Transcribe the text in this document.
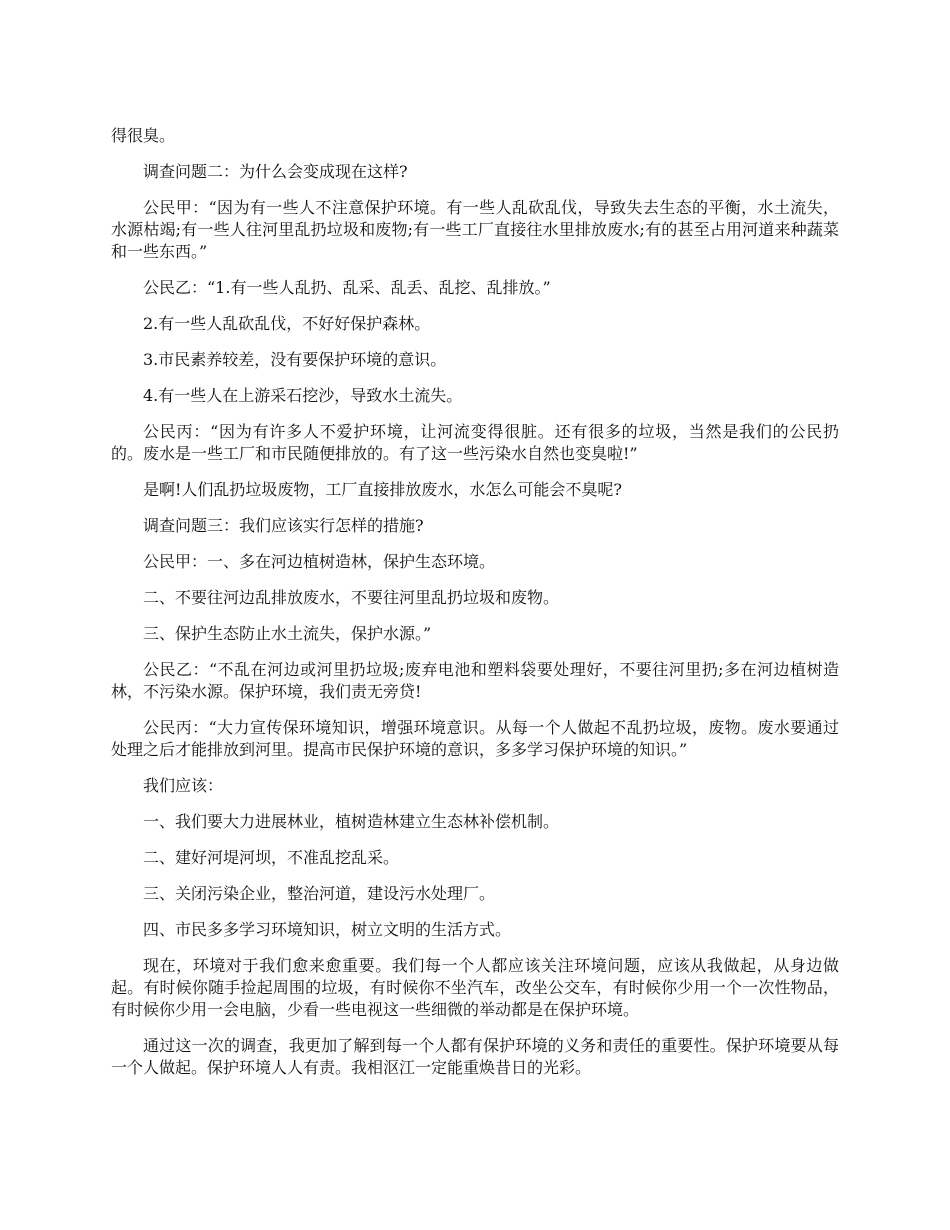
得很臭。

调查问题二：为什么会变成现在这样?

公民甲：“因为有一些人不注意保护环境。有一些人乱砍乱伐，导致失去生态的平衡，水土流失，水源枯竭;有一些人往河里乱扔垃圾和废物;有一些工厂直接往水里排放废水;有的甚至占用河道来种蔬菜和一些东西。”

公民乙：“1.有一些人乱扔、乱采、乱丢、乱挖、乱排放。”

2.有一些人乱砍乱伐，不好好保护森林。

3.市民素养较差，没有要保护环境的意识。

4.有一些人在上游采石挖沙，导致水土流失。

公民丙：“因为有许多人不爱护环境，让河流变得很脏。还有很多的垃圾，当然是我们的公民扔的。废水是一些工厂和市民随便排放的。有了这一些污染水自然也变臭啦!”

是啊!人们乱扔垃圾废物，工厂直接排放废水，水怎么可能会不臭呢?

调查问题三：我们应该实行怎样的措施?

公民甲：一、多在河边植树造林，保护生态环境。

二、不要往河边乱排放废水，不要往河里乱扔垃圾和废物。

三、保护生态防止水土流失，保护水源。”

公民乙：“不乱在河边或河里扔垃圾;废弃电池和塑料袋要处理好，不要往河里扔;多在河边植树造林，不污染水源。保护环境，我们责无旁贷!

公民丙：“大力宣传保环境知识，增强环境意识。从每一个人做起不乱扔垃圾，废物。废水要通过处理之后才能排放到河里。提高市民保护环境的意识，多多学习保护环境的知识。”

我们应该：

一、我们要大力进展林业，植树造林建立生态林补偿机制。

二、建好河堤河坝，不准乱挖乱采。

三、关闭污染企业，整治河道，建设污水处理厂。

四、市民多多学习环境知识，树立文明的生活方式。

现在，环境对于我们愈来愈重要。我们每一个人都应该关注环境问题，应该从我做起，从身边做起。有时候你随手捡起周围的垃圾，有时候你不坐汽车，改坐公交车，有时候你少用一个一次性物品，有时候你少用一会电脑，少看一些电视这一些细微的举动都是在保护环境。

通过这一次的调查，我更加了解到每一个人都有保护环境的义务和责任的重要性。保护环境要从每一个人做起。保护环境人人有责。我相沤江一定能重焕昔日的光彩。
